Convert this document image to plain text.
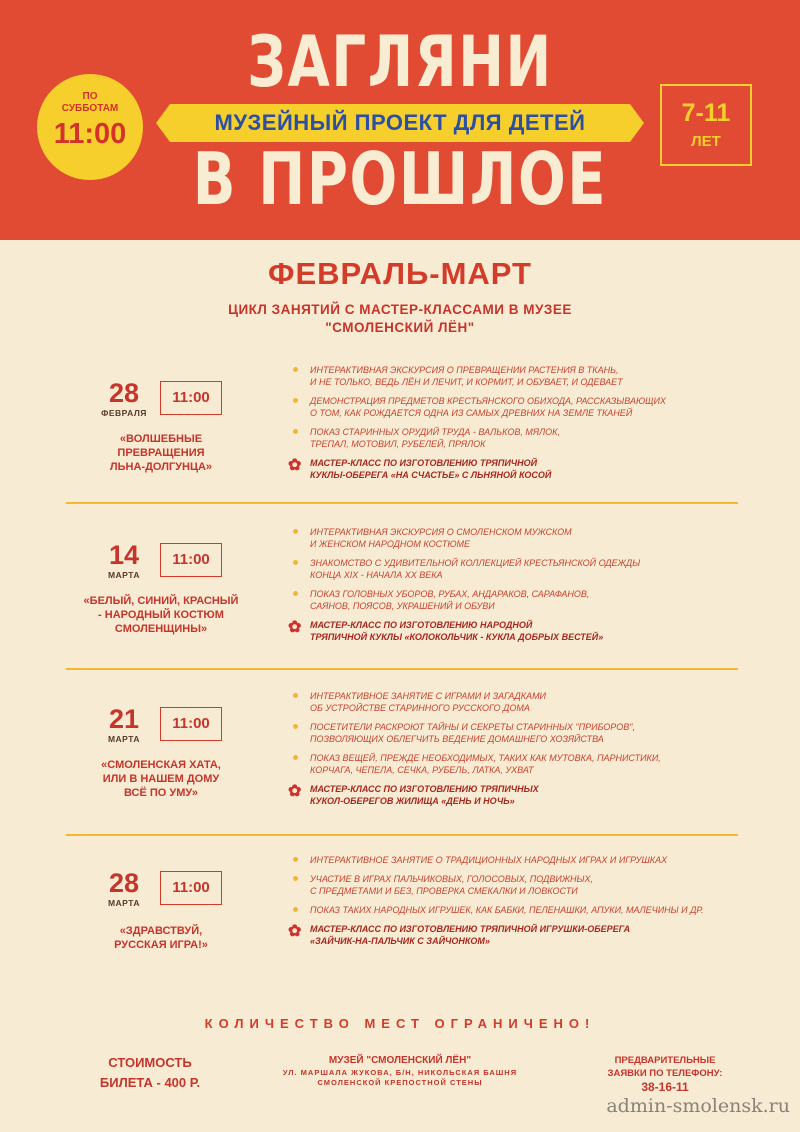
ПО
СУББОТАМ
11:00
ЗАГЛЯНИ
МУЗЕЙНЫЙ ПРОЕКТ ДЛЯ ДЕТЕЙ
В ПРОШЛОЕ
7-11
ЛЕТ
ФЕВРАЛЬ-МАРТ
ЦИКЛ ЗАНЯТИЙ С МАСТЕР-КЛАССАМИ В МУЗЕЕ
"СМОЛЕНСКИЙ ЛЁН"
28
ФЕВРАЛЯ
11:00
«ВОЛШЕБНЫЕ
ПРЕВРАЩЕНИЯ
ЛЬНА-ДОЛГУНЦА»
ИНТЕРАКТИВНАЯ ЭКСКУРСИЯ О ПРЕВРАЩЕНИИ РАСТЕНИЯ В ТКАНЬ,
И НЕ ТОЛЬКО, ВЕДЬ ЛЁН И ЛЕЧИТ, И КОРМИТ, И ОБУВАЕТ, И ОДЕВАЕТ
ДЕМОНСТРАЦИЯ ПРЕДМЕТОВ КРЕСТЬЯНСКОГО ОБИХОДА, РАССКАЗЫВАЮЩИХ
О ТОМ, КАК РОЖДАЕТСЯ ОДНА ИЗ САМЫХ ДРЕВНИХ НА ЗЕМЛЕ ТКАНЕЙ
ПОКАЗ СТАРИННЫХ ОРУДИЙ ТРУДА - ВАЛЬКОВ, МЯЛОК,
ТРЕПАЛ, МОТОВИЛ, РУБЕЛЕЙ, ПРЯЛОК
✿ МАСТЕР-КЛАСС ПО ИЗГОТОВЛЕНИЮ ТРЯПИЧНОЙ
КУКЛЫ-ОБЕРЕГА «НА СЧАСТЬЕ» С ЛЬНЯНОЙ КОСОЙ
14
МАРТА
11:00
«БЕЛЫЙ, СИНИЙ, КРАСНЫЙ
- НАРОДНЫЙ КОСТЮМ
СМОЛЕНЩИНЫ»
ИНТЕРАКТИВНАЯ ЭКСКУРСИЯ О СМОЛЕНСКОМ МУЖСКОМ
И ЖЕНСКОМ НАРОДНОМ КОСТЮМЕ
ЗНАКОМСТВО С УДИВИТЕЛЬНОЙ КОЛЛЕКЦИЕЙ КРЕСТЬЯНСКОЙ ОДЕЖДЫ
КОНЦА XIX - НАЧАЛА XX ВЕКА
ПОКАЗ ГОЛОВНЫХ УБОРОВ, РУБАХ, АНДАРАКОВ, САРАФАНОВ,
САЯНОВ, ПОЯСОВ, УКРАШЕНИЙ И ОБУВИ
✿ МАСТЕР-КЛАСС ПО ИЗГОТОВЛЕНИЮ НАРОДНОЙ
ТРЯПИЧНОЙ КУКЛЫ «КОЛОКОЛЬЧИК - КУКЛА ДОБРЫХ ВЕСТЕЙ»
21
МАРТА
11:00
«СМОЛЕНСКАЯ ХАТА,
ИЛИ В НАШЕМ ДОМУ
ВСЁ ПО УМУ»
ИНТЕРАКТИВНОЕ ЗАНЯТИЕ С ИГРАМИ И ЗАГАДКАМИ
ОБ УСТРОЙСТВЕ СТАРИННОГО РУССКОГО ДОМА
ПОСЕТИТЕЛИ РАСКРОЮТ ТАЙНЫ И СЕКРЕТЫ СТАРИННЫХ "ПРИБОРОВ",
ПОЗВОЛЯЮЩИХ ОБЛЕГЧИТЬ ВЕДЕНИЕ ДОМАШНЕГО ХОЗЯЙСТВА
ПОКАЗ ВЕЩЕЙ, ПРЕЖДЕ НЕОБХОДИМЫХ, ТАКИХ КАК МУТОВКА, ПАРНИСТИКИ,
КОРЧАГА, ЧЕПЕЛА, СЕЧКА, РУБЕЛЬ, ЛАТКА, УХВАТ
✿ МАСТЕР-КЛАСС ПО ИЗГОТОВЛЕНИЮ ТРЯПИЧНЫХ
КУКОЛ-ОБЕРЕГОВ ЖИЛИЩА «ДЕНЬ И НОЧЬ»
28
МАРТА
11:00
«ЗДРАВСТВУЙ,
РУССКАЯ ИГРА!»
ИНТЕРАКТИВНОЕ ЗАНЯТИЕ О ТРАДИЦИОННЫХ НАРОДНЫХ ИГРАХ И ИГРУШКАХ
УЧАСТИЕ В ИГРАХ ПАЛЬЧИКОВЫХ, ГОЛОСОВЫХ, ПОДВИЖНЫХ,
С ПРЕДМЕТАМИ И БЕЗ, ПРОВЕРКА СМЕКАЛКИ И ЛОВКОСТИ
ПОКАЗ ТАКИХ НАРОДНЫХ ИГРУШЕК, КАК БАБКИ, ПЕЛЕНАШКИ, АПУКИ, МАЛЕЧИНЫ И ДР.
✿ МАСТЕР-КЛАСС ПО ИЗГОТОВЛЕНИЮ ТРЯПИЧНОЙ ИГРУШКИ-ОБЕРЕГА
«ЗАЙЧИК-НА-ПАЛЬЧИК С ЗАЙЧОНКОМ»
КОЛИЧЕСТВО МЕСТ ОГРАНИЧЕНО!
СТОИМОСТЬ
БИЛЕТА - 400 Р.
МУЗЕЙ "СМОЛЕНСКИЙ ЛЁН"
УЛ. МАРШАЛА ЖУКОВА, Б/Н, НИКОЛЬСКАЯ БАШНЯ
СМОЛЕНСКОЙ КРЕПОСТНОЙ СТЕНЫ
ПРЕДВАРИТЕЛЬНЫЕ
ЗАЯВКИ ПО ТЕЛЕФОНУ:
38-16-11
admin-smolensk.ru
